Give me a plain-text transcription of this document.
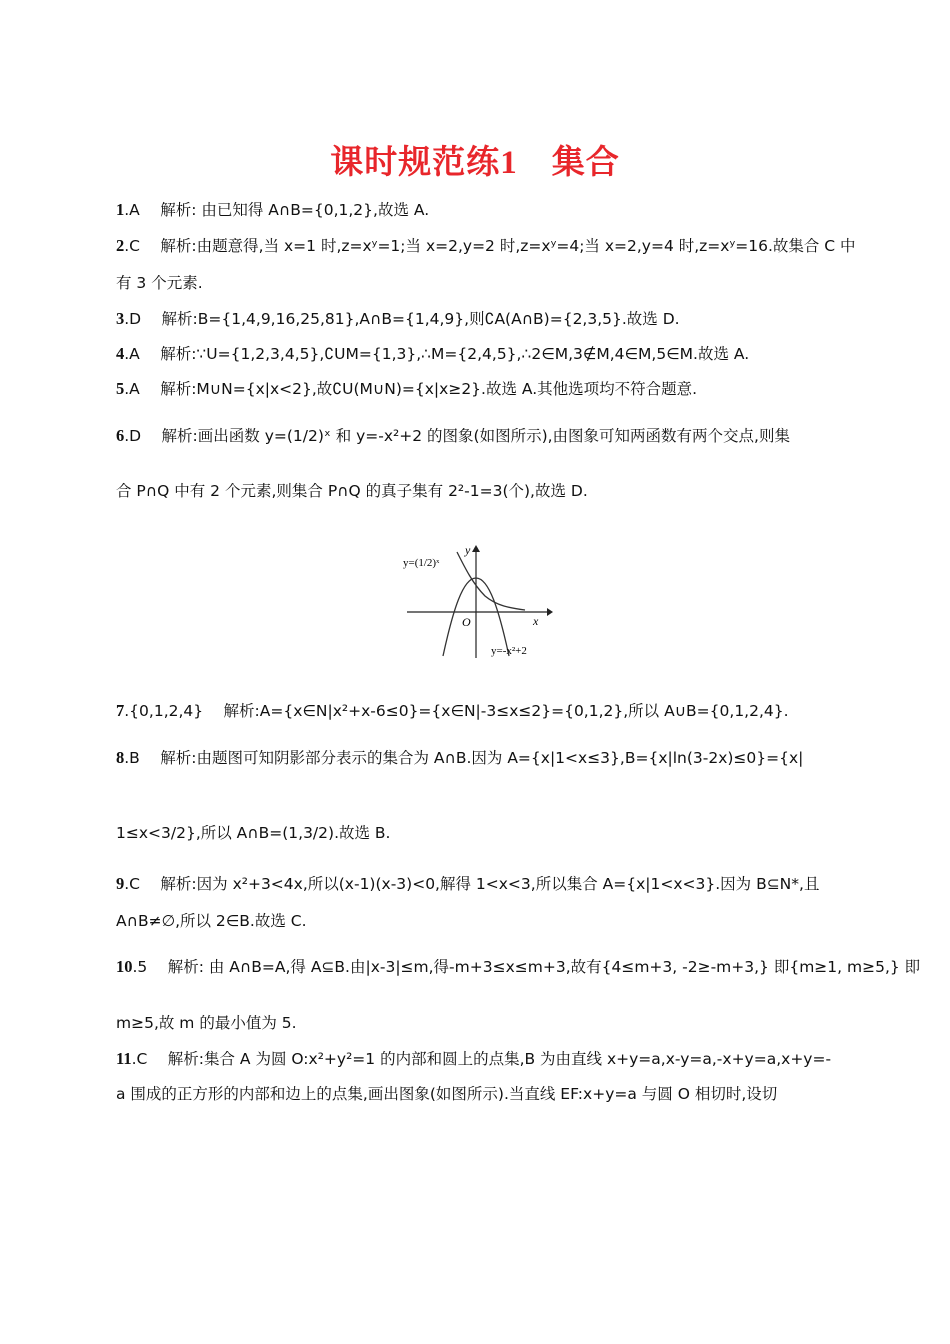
课时规范练1　集合
1.A　 解析: 由已知得 A∩B={0,1,2},故选 A.
2.C　 解析:由题意得,当 x=1 时,z=xʸ=1;当 x=2,y=2 时,z=xʸ=4;当 x=2,y=4 时,z=xʸ=16.故集合 C 中
有 3 个元素.
3.D　 解析:B={1,4,9,16,25,81},A∩B={1,4,9},则∁A(A∩B)={2,3,5}.故选 D.
4.A　 解析:∵U={1,2,3,4,5},∁UM={1,3},∴M={2,4,5},∴2∈M,3∉M,4∈M,5∈M.故选 A.
5.A　 解析:M∪N={x|x<2},故∁U(M∪N)={x|x≥2}.故选 A.其他选项均不符合题意.
6.D　 解析:画出函数 y=(1/2)ˣ 和 y=-x²+2 的图象(如图所示),由图象可知两函数有两个交点,则集
合 P∩Q 中有 2 个元素,则集合 P∩Q 的真子集有 2²-1=3(个),故选 D.
y=(1/2)ˣ
x
y
O
y=-x²+2
7.{0,1,2,4}　 解析:A={x∈N|x²+x-6≤0}={x∈N|-3≤x≤2}={0,1,2},所以 A∪B={0,1,2,4}.
8.B　 解析:由题图可知阴影部分表示的集合为 A∩B.因为 A={x|1<x≤3},B={x|ln(3-2x)≤0}={x|
1≤x<3/2},所以 A∩B=(1,3/2).故选 B.
9.C　 解析:因为 x²+3<4x,所以(x-1)(x-3)<0,解得 1<x<3,所以集合 A={x|1<x<3}.因为 B⊆N*,且
A∩B≠∅,所以 2∈B.故选 C.
10.5　 解析: 由 A∩B=A,得 A⊆B.由|x-3|≤m,得-m+3≤x≤m+3,故有{4≤m+3, -2≥-m+3,} 即{m≥1, m≥5,} 即
m≥5,故 m 的最小值为 5.
11.C　 解析:集合 A 为圆 O:x²+y²=1 的内部和圆上的点集,B 为由直线 x+y=a,x-y=a,-x+y=a,x+y=-
a 围成的正方形的内部和边上的点集,画出图象(如图所示).当直线 EF:x+y=a 与圆 O 相切时,设切
